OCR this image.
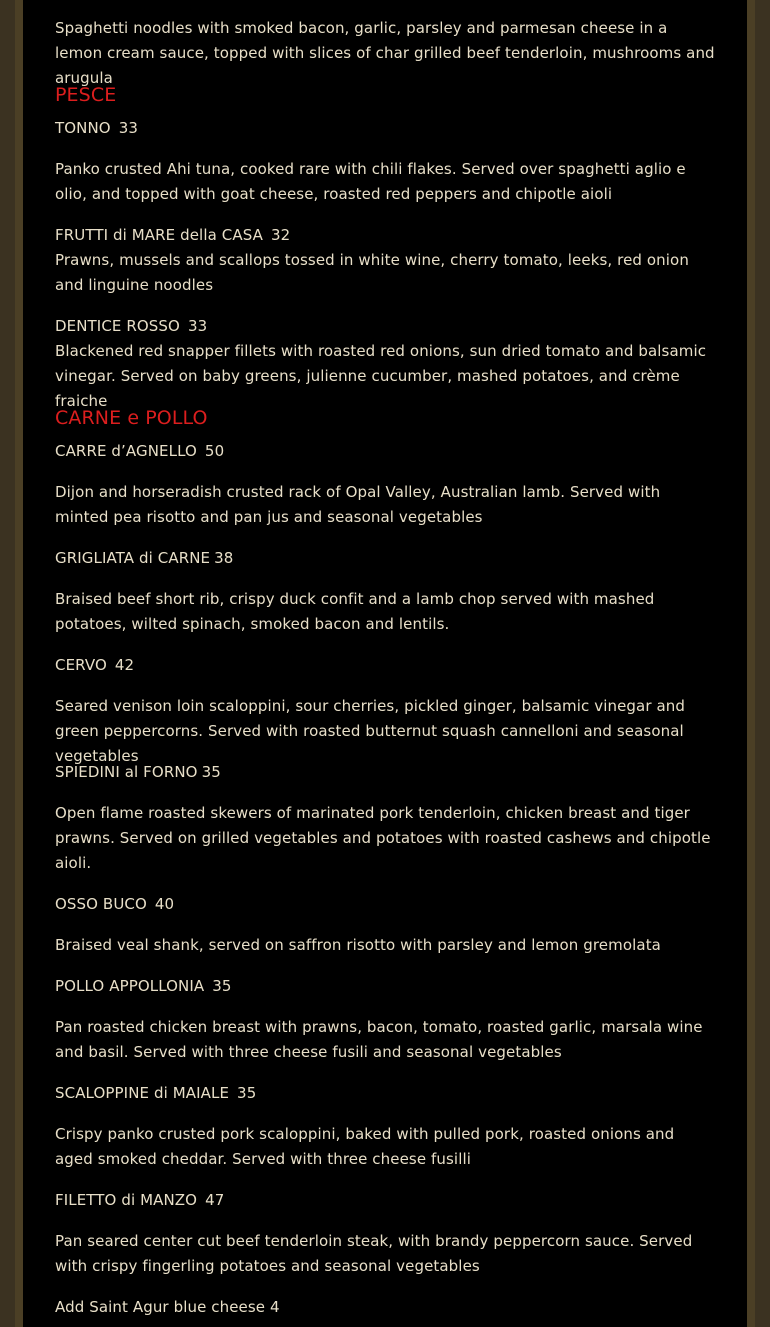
Spaghetti noodles with smoked bacon, garlic, parsley and parmesan cheese in a lemon cream sauce, topped with slices of char grilled beef tenderloin, mushrooms and arugula

PESCE

TONNO 33

Panko crusted Ahi tuna, cooked rare with chili flakes. Served over spaghetti aglio e olio, and topped with goat cheese, roasted red peppers and chipotle aioli

FRUTTI di MARE della CASA 32

Prawns, mussels and scallops tossed in white wine, cherry tomato, leeks, red onion and linguine noodles

DENTICE ROSSO 33

Blackened red snapper fillets with roasted red onions, sun dried tomato and balsamic vinegar. Served on baby greens, julienne cucumber, mashed potatoes, and crème fraiche

CARNE e POLLO

CARRE d’AGNELLO 50

Dijon and horseradish crusted rack of Opal Valley, Australian lamb. Served with minted pea risotto and pan jus and seasonal vegetables

GRIGLIATA di CARNE 38

Braised beef short rib, crispy duck confit and a lamb chop served with mashed potatoes, wilted spinach, smoked bacon and lentils.

CERVO 42

Seared venison loin scaloppini, sour cherries, pickled ginger, balsamic vinegar and green peppercorns. Served with roasted butternut squash cannelloni and seasonal vegetables

SPIEDINI al FORNO 35

Open flame roasted skewers of marinated pork tenderloin, chicken breast and tiger prawns. Served on grilled vegetables and potatoes with roasted cashews and chipotle aioli.

OSSO BUCO 40

Braised veal shank, served on saffron risotto with parsley and lemon gremolata

POLLO APPOLLONIA 35

Pan roasted chicken breast with prawns, bacon, tomato, roasted garlic, marsala wine and basil. Served with three cheese fusili and seasonal vegetables

SCALOPPINE di MAIALE 35

Crispy panko crusted pork scaloppini, baked with pulled pork, roasted onions and aged smoked cheddar. Served with three cheese fusilli

FILETTO di MANZO 47

Pan seared center cut beef tenderloin steak, with brandy peppercorn sauce. Served with crispy fingerling potatoes and seasonal vegetables

Add Saint Agur blue cheese 4
